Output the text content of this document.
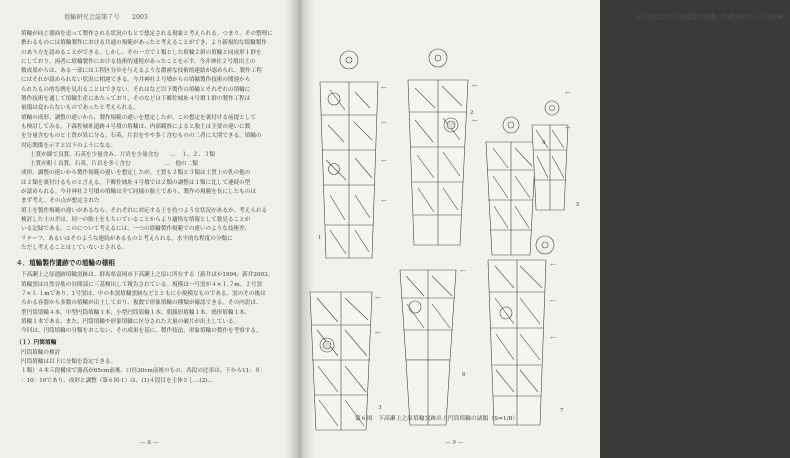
埴輪研究会誌第７号　　2003

埴輪が同じ器面を追って製作される状況のもとで想定される現象と考えられる。つまり、その整理に

携わるものには埴輪製作における共通の規範があったと考えることができ、より新規的な埴輪製作

のあり方を認めることができる。しかし、その一方で１類とした埴輪２群の埴輪と同成形１群を

にしており、両者に埴輪製作における技術的連続があったことを示す。今井神社２号墳出土の

数成果からは、ある一部には工程区分歩を与えるような濃密な技術的連絡が認められ、製作工程

にはそれが認められない状況に相違できる。今井神社２号墳からの埴輪製作技術の関連から

られたもの的な例を見出ることはできない。それはなど以下製作の埴輪とそれぞれの埴輪に

製作技術を通して埴輪生産にあたっており、そのなどは下郷佐城址４号墳１群の製作工程は

量環は変わらないものであったと考えられる。

埴輪の成形、調整の違いから、製作規範の違いを想定したが、この想定を裏付ける前提として

も検討してみる。下森佐城址遺跡４号墳の埴輪は、内部観察によると胎土は主要の違いに数

を分量含むものと土質が異に分る。石英、片岩をやや多く含むものの二者に大別できる。埴輪の

対応関係を示すと以下のようになる。

土質が細で良質、石英を少量含み、片岩を少量含む　　…　１、２、３類

土質が粗く良質、石英、片岩を多く含む　　　　　　…　他の二類

成形、調整の違いから製作規範の違いを想定したが、土質も２類と３類は土質上の乳の他の

は２類を裏付けるものと言える。下郷佐城址４号墳では２類の調整は１類に比して連続の型

が認められる。今井神社２号墳の埴輪は全て同様の胎土であり、製作の規範を長にしたものは

まず考え、その点が想定された

埴土を製作規範の違いがあるなら、それぞれに対応する土を持つような状況があるか。考えられる

検討した土の差は、同一の胎土をもちいていることからより適格な情報として数見ることが

いる記録である。このについて考えるには、一つの埴輪製作規範での違いのような技術差、

リテーフ、あるいはそのような連続があるものと考えられる。水平的な程度の分類に

ただし考えることはしていないとされる。

４．埴輪製作遺跡での埴輪の様相

下高瀬上之原遺跡埴輪窯跡は、群馬県富岡市下高瀬上之原に所在する（新井ほか1994；新井2003。

埴輪窯は自然谷筋の谷間部に三基検出して報告されている。規模は一号窯が４×１.７m、２号窯

７×１.１mであり、1号窯は、中の本窯埴輪窯跡などとともに小規模なものである。窯のその後は

ろかる容器から多数の埴輪が出土しており、複数で形象埴輪の種類が確認できる。その内訳は、

型円筒埴輪４本、中型円筒埴輪１本、小型円筒埴輪１本、朝顔形埴輪１本、鶏形埴輪１本、

埴輪１本である。また、円筒埴輪や形象埴輪に区分された大量の破片が出土している。

今回は、円筒埴輪の分類をおこない、その成果を基に、製作技法、形象埴輪の製作を考察する。

（１）円筒埴輪

円筒埴輪の検討

円筒埴輪は以下に分類を設定できる。

１類）４本５段構成で器高が65cm前後、口径30cm前後のもの。各段の比率は、下から11：８：

：10：10であり、成形と調整（第６図-1）は、(1)４段目を主体とし...(2)...

— 8 —
上毛野における埴輪製作組織の基礎的研究（山田俊輔）
1
2
3
4
5
6
7
←
←
←
←
←
←
←
←
←
←
←
←
←
←
第６図　下高瀬上之原埴輪窯跡出土円筒埴輪の諸類（S=1/8）
— 9 —
